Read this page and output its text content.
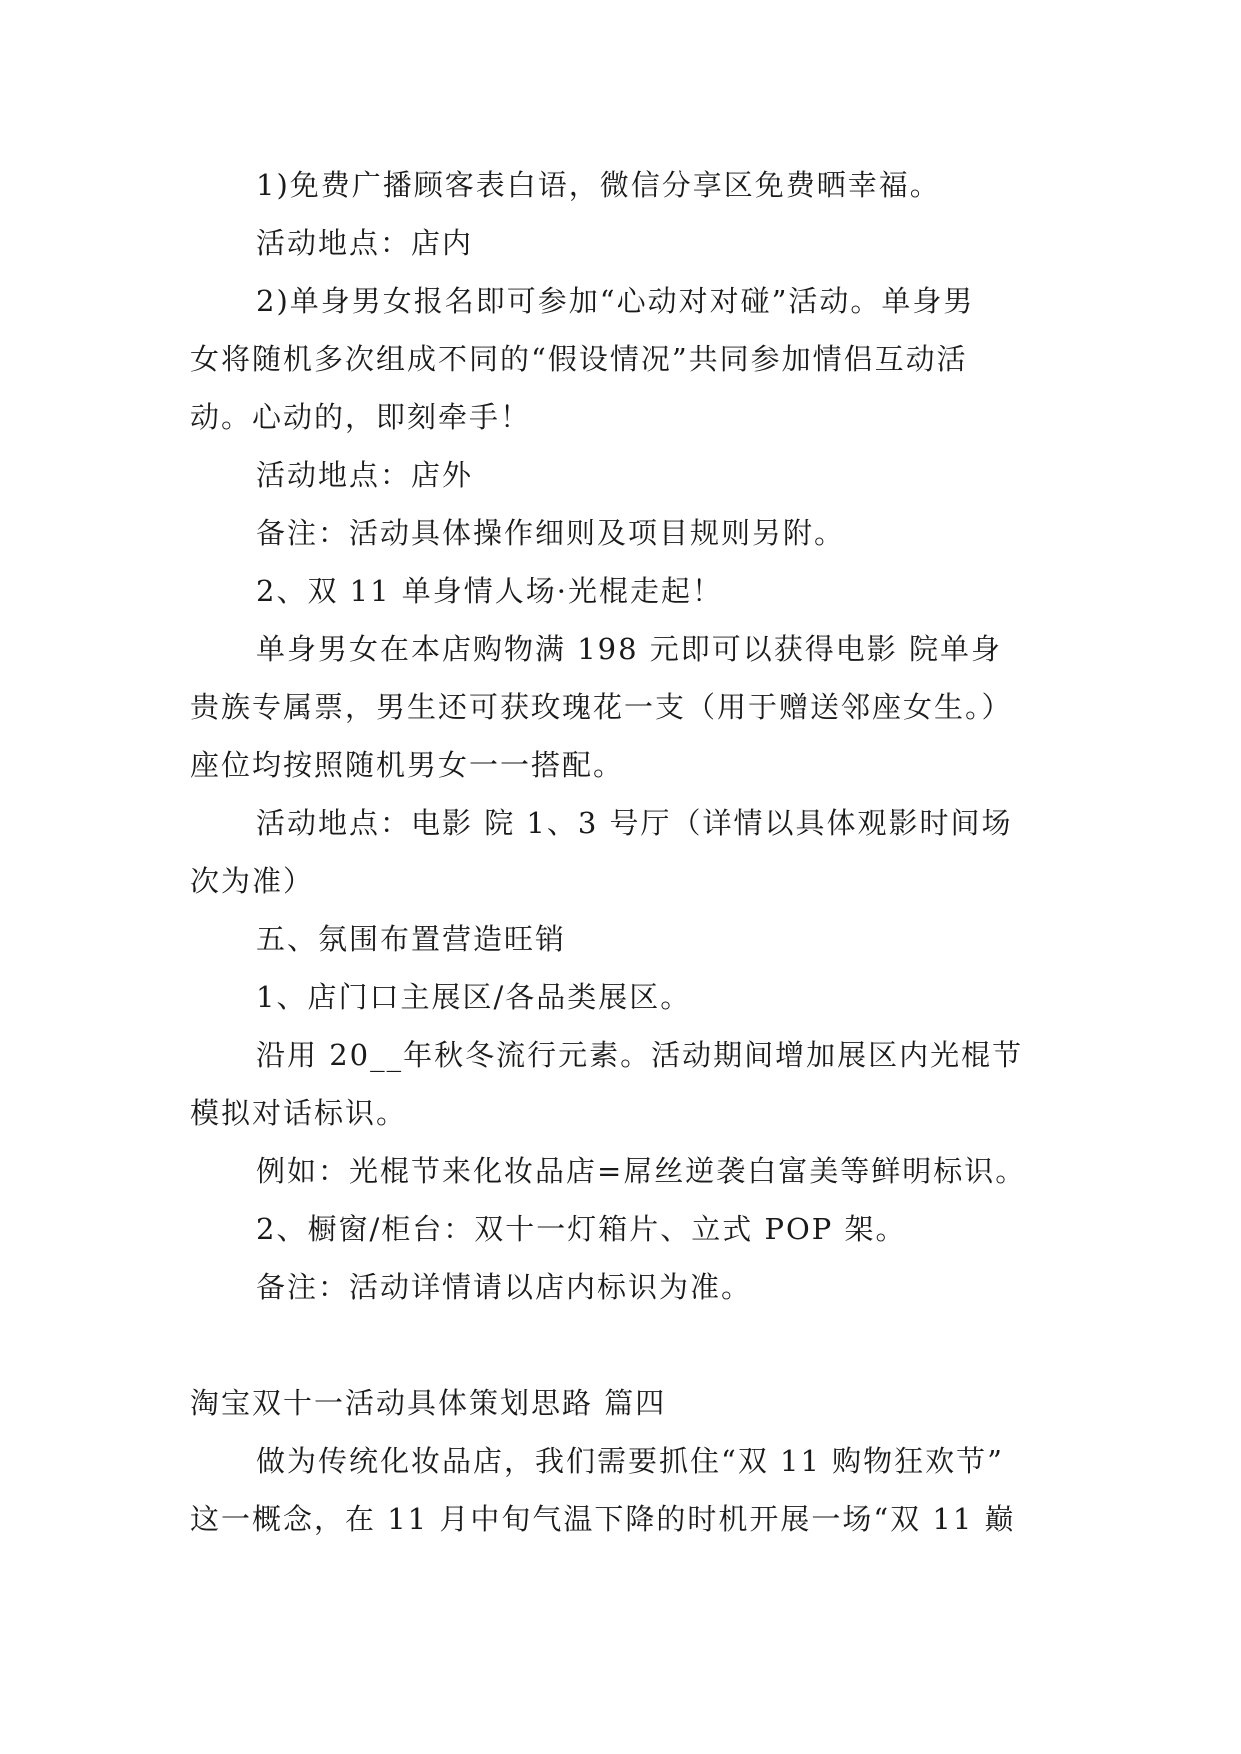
1)免费广播顾客表白语，微信分享区免费晒幸福。
活动地点：店内
2)单身男女报名即可参加“心动对对碰”活动。单身男
女将随机多次组成不同的“假设情况”共同参加情侣互动活
动。心动的，即刻牵手！
活动地点：店外
备注：活动具体操作细则及项目规则另附。
2、双 11 单身情人场·光棍走起！
单身男女在本店购物满 198 元即可以获得电影 院单身
贵族专属票，男生还可获玫瑰花一支（用于赠送邻座女生。）
座位均按照随机男女一一搭配。
活动地点：电影 院 1、3 号厅（详情以具体观影时间场
次为准）
五、氛围布置营造旺销
1、店门口主展区/各品类展区。
沿用 20__年秋冬流行元素。活动期间增加展区内光棍节
模拟对话标识。
例如：光棍节来化妆品店=屌丝逆袭白富美等鲜明标识。
2、橱窗/柜台：双十一灯箱片、立式 POP 架。
备注：活动详情请以店内标识为准。
淘宝双十一活动具体策划思路 篇四
做为传统化妆品店，我们需要抓住“双 11 购物狂欢节”
这一概念，在 11 月中旬气温下降的时机开展一场“双 11 巅
